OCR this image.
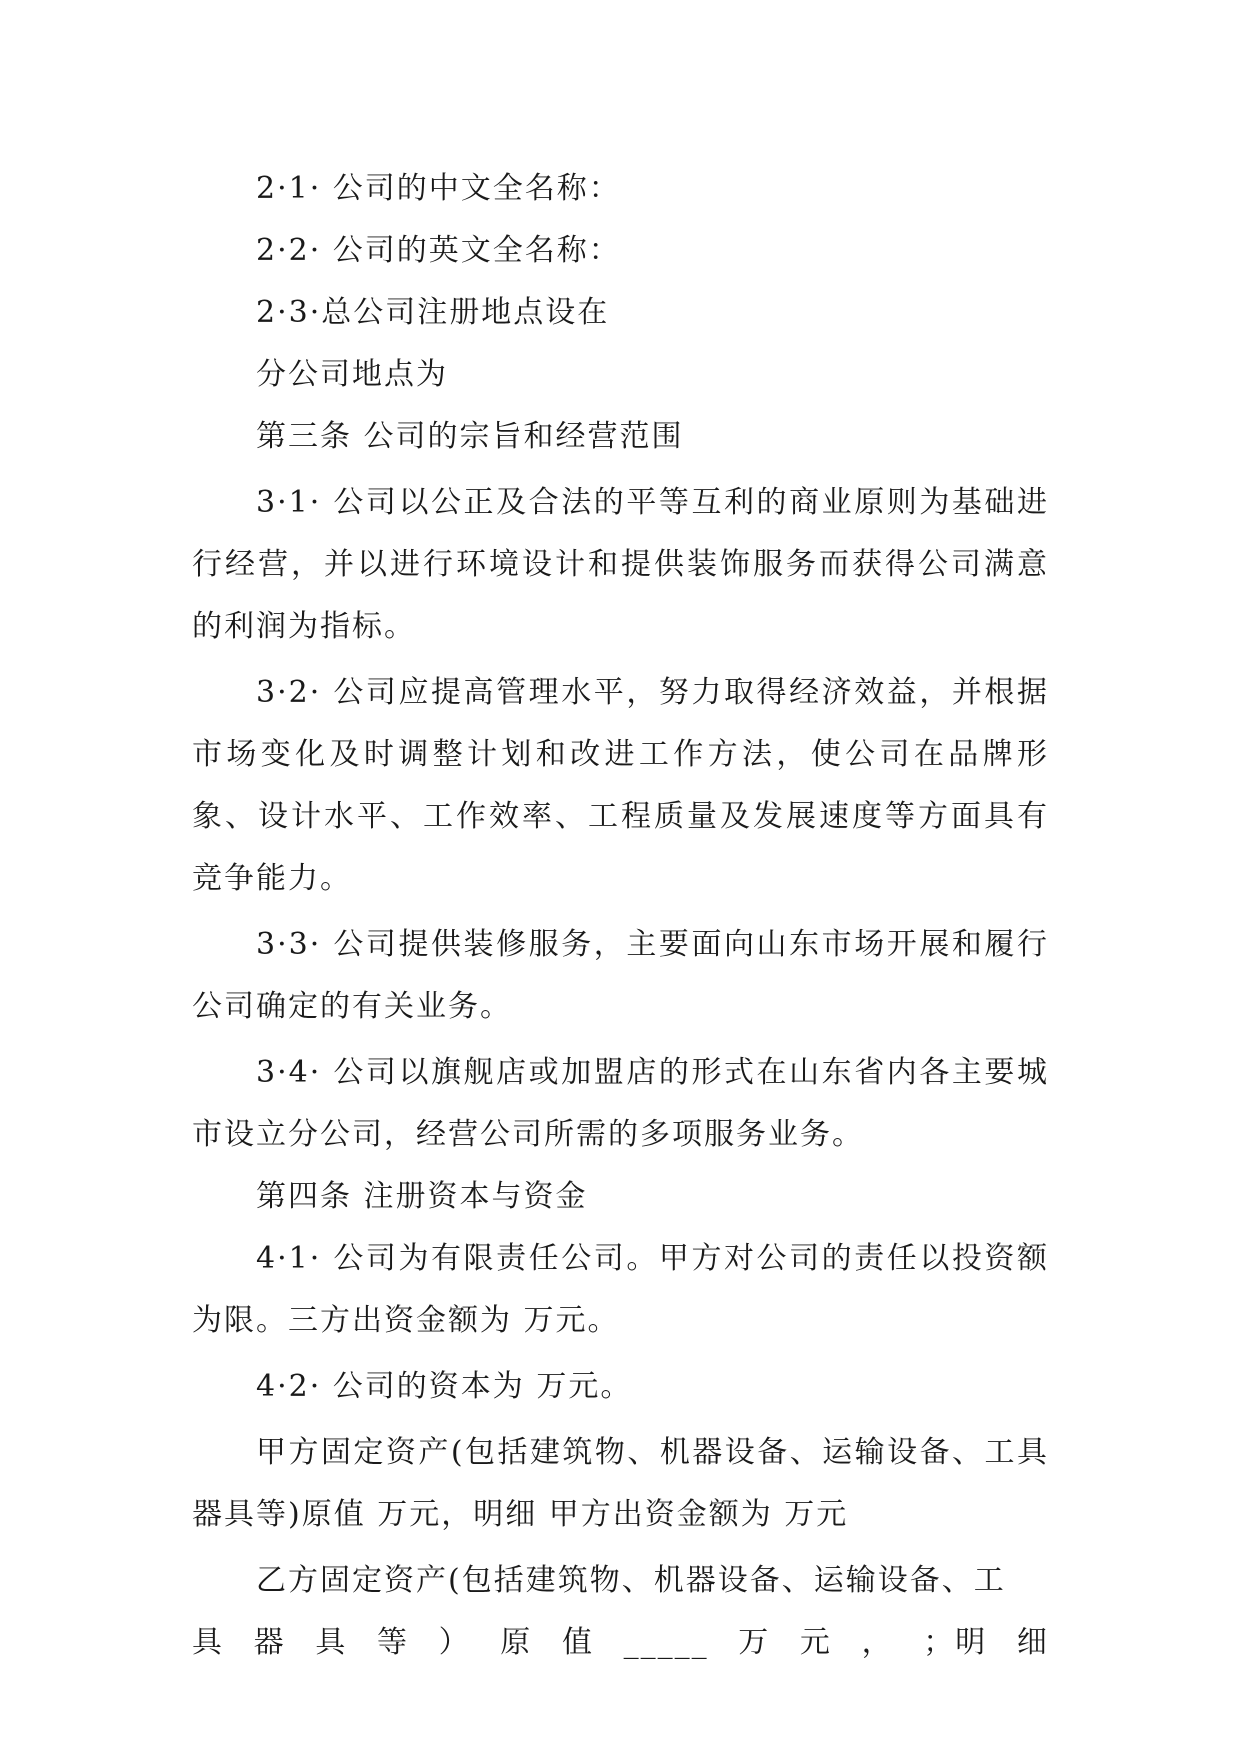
2·1· 公司的中文全名称：

2·2· 公司的英文全名称：

2·3·总公司注册地点设在

分公司地点为

第三条 公司的宗旨和经营范围

3·1· 公司以公正及合法的平等互利的商业原则为基础进行经营，并以进行环境设计和提供装饰服务而获得公司满意的利润为指标。

3·2· 公司应提高管理水平，努力取得经济效益，并根据市场变化及时调整计划和改进工作方法，使公司在品牌形象、设计水平、工作效率、工程质量及发展速度等方面具有竞争能力。

3·3· 公司提供装修服务，主要面向山东市场开展和履行公司确定的有关业务。

3·4· 公司以旗舰店或加盟店的形式在山东省内各主要城市设立分公司，经营公司所需的多项服务业务。

第四条 注册资本与资金

4·1· 公司为有限责任公司。甲方对公司的责任以投资额为限。三方出资金额为 万元。

4·2· 公司的资本为 万元。

甲方固定资产(包括建筑物、机器设备、运输设备、工具器具等)原值 万元，明细 甲方出资金额为 万元

乙方固定资产(包括建筑物、机器设备、运输设备、工

具 器 具 等 ） 原 值 _____ 万 元 ， ；明 细
